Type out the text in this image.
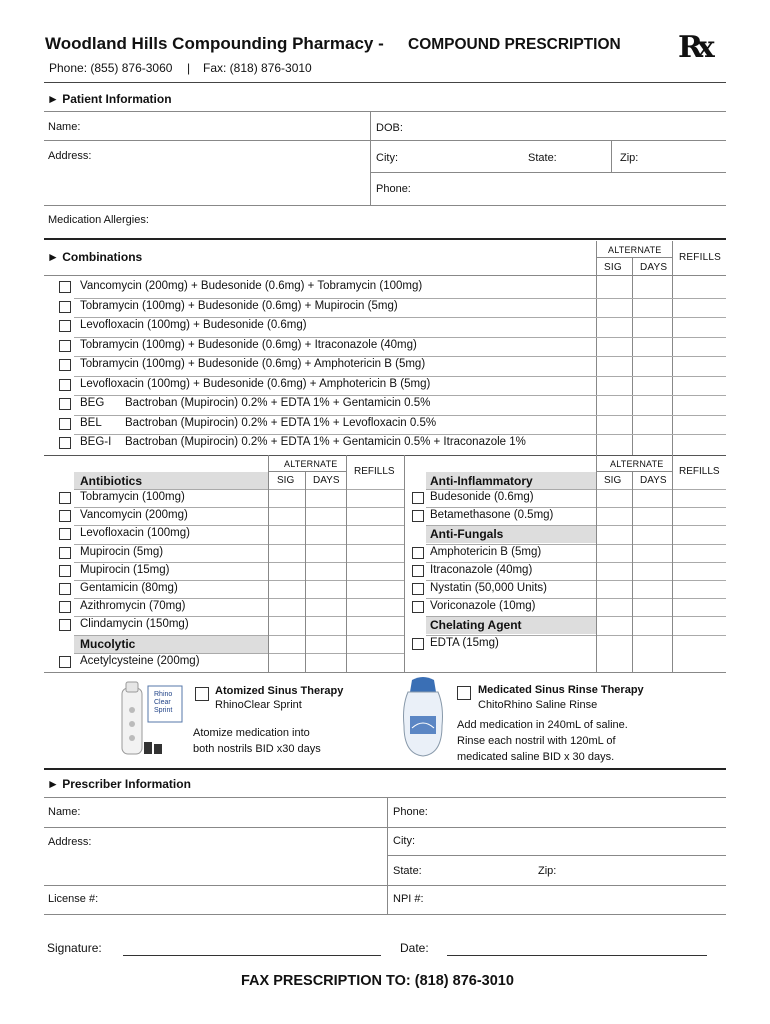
Woodland Hills Compounding Pharmacy - COMPOUND PRESCRIPTION
Phone: (855) 876-3060 | Fax: (818) 876-3010
Rx
► Patient Information
Name:	DOB:
Address:	City:	State:	Zip:
Phone:
Medication Allergies:
► Combinations	ALTERNATE
SIG DAYS
REFILLS
Vancomycin (200mg) + Budesonide (0.6mg) + Tobramycin (100mg)
Tobramycin (100mg) + Budesonide (0.6mg) + Mupirocin (5mg)
Levofloxacin (100mg) + Budesonide (0.6mg)
Tobramycin (100mg) + Budesonide (0.6mg) + Itraconazole (40mg)
Tobramycin (100mg) + Budesonide (0.6mg) + Amphotericin B (5mg)
Levofloxacin (100mg) + Budesonide (0.6mg) + Amphotericin B (5mg)
BEG Bactroban (Mupirocin) 0.2% + EDTA 1% + Gentamicin 0.5%
BEL Bactroban (Mupirocin) 0.2% + EDTA 1% + Levofloxacin 0.5%
BEG-I Bactroban (Mupirocin) 0.2% + EDTA 1% + Gentamicin 0.5% + Itraconazole 1%
Antibiotics
ALTERNATE
SIG DAYS
REFILLS
Anti-Inflammatory
ALTERNATE
SIG DAYS
REFILLS
Tobramycin (100mg)
Vancomycin (200mg)
Levofloxacin (100mg)
Mupirocin (5mg)
Mupirocin (15mg)
Gentamicin (80mg)
Azithromycin (70mg)
Clindamycin (150mg)
Mucolytic
Acetylcysteine (200mg)
Budesonide (0.6mg)
Betamethasone (0.5mg)
Anti-Fungals
Amphotericin B (5mg)
Itraconazole (40mg)
Nystatin (50,000 Units)
Voriconazole (10mg)
Chelating Agent
EDTA (15mg)
Rhino
Clear
Sprint
Atomized Sinus Therapy
RhinoClear Sprint
Atomize medication into
both nostrils BID x30 days
Medicated Sinus Rinse Therapy
ChitoRhino Saline Rinse
Add medication in 240mL of saline.
Rinse each nostril with 120mL of
medicated saline BID x 30 days.
► Prescriber Information
Name:	Phone:
Address:	City:
State:	Zip:
License #:	NPI #:
Signature:	Date:
FAX PRESCRIPTION TO: (818) 876-3010
